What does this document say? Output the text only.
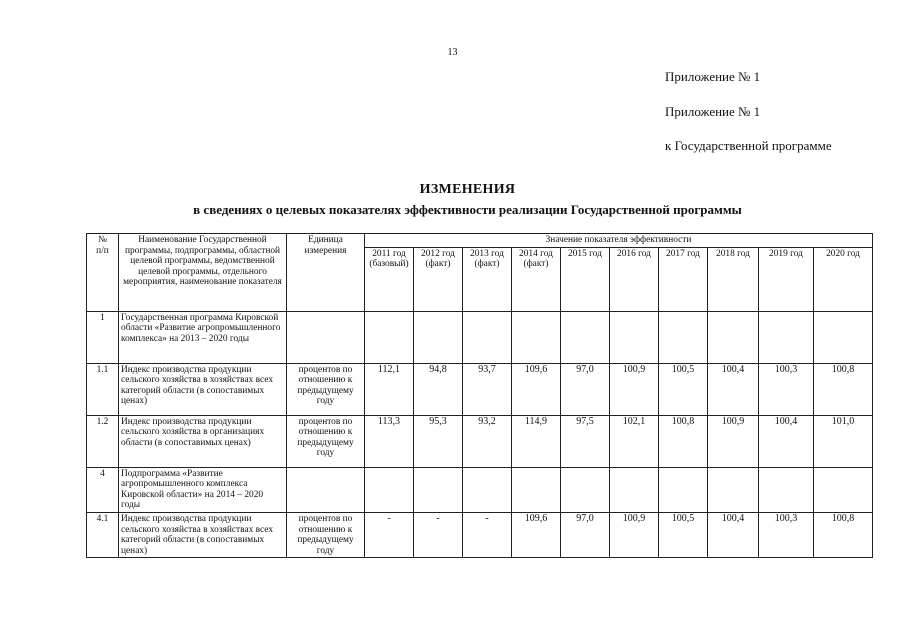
13
Приложение № 1
Приложение № 1
к Государственной программе
ИЗМЕНЕНИЯ
в сведениях о целевых показателях эффективности реализации Государственной программы
№
п/п	Наименование Государственной программы, подпрограммы, областной целевой программы, ведомственной целевой программы, отдельного мероприятия, наименование показателя	Единица измерения	Значение показателя эффективности									
			2011 год (базовый)	2012 год (факт)	2013 год (факт)	2014 год (факт)	2015 год	2016 год	2017 год	2018 год	2019 год	2020 год
1	Государственная программа Кировской области «Развитие агропромышленного комплекса» на 2013 – 2020 годы											
1.1	Индекс производства продукции сельского хозяйства в хозяйствах всех категорий области (в сопоставимых ценах)	процентов по отношению к предыдущему году	112,1	94,8	93,7	109,6	97,0	100,9	100,5	100,4	100,3	100,8
1.2	Индекс производства продукции сельского хозяйства в организациях области (в сопоставимых ценах)	процентов по отношению к предыдущему году	113,3	95,3	93,2	114,9	97,5	102,1	100,8	100,9	100,4	101,0
4	Подпрограмма «Развитие агропромышленного комплекса Кировской области» на 2014 – 2020 годы											
4.1	Индекс производства продукции сельского хозяйства в хозяйствах всех категорий области (в сопоставимых ценах)	процентов по отношению к предыдущему году	-	-	-	109,6	97,0	100,9	100,5	100,4	100,3	100,8
